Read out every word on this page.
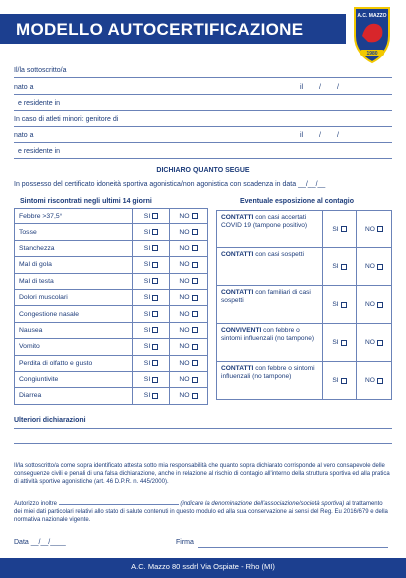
MODELLO AUTOCERTIFICAZIONE
A.C. MAZZO
1980
Il/la sottoscritto/a
nato a	il / /
e residente in
In caso di atleti minori: genitore di
nato a	il / /
e residente in
DICHIARO QUANTO SEGUE
In possesso del certificato idoneità sportiva agonistica/non agonistica con scadenza in data __/__/__
Sintomi riscontrati negli ultimi 14 giorni	Eventuale esposizione al contagio
Febbre >37,5°	SI	NO
Tosse	SI	NO
Stanchezza	SI	NO
Mal di gola	SI	NO
Mal di testa	SI	NO
Dolori muscolari	SI	NO
Congestione nasale	SI	NO
Nausea	SI	NO
Vomito	SI	NO
Perdita di olfatto e gusto	SI	NO
Congiuntivite	SI	NO
Diarrea	SI	NO
CONTATTI con casi accertati COVID 19 (tampone positivo)	SI	NO
CONTATTI con casi sospetti
SI	NO
CONTATTI con familiari di casi sospetti
SI	NO
CONVIVENTI con febbre o sintomi influenzali (no tampone)
SI	NO
CONTATTI con febbre o sintomi influenzali (no tampone)
SI	NO
Ulteriori dichiarazioni
Il/la sottoscritto/a come sopra identificato attesta sotto mia responsabilità che quanto sopra dichiarato corrisponde al vero consapevole delle conseguenze civili e penali di una falsa dichiarazione, anche in relazione al rischio di contagio all'interno della struttura sportiva ed alla pratica di attività sportive agonistiche (art. 46 D.P.R. n. 445/2000).
Autorizzo inoltre	(indicare la denominazione dell'associazione/società sportiva) al trattamento dei miei dati particolari relativi allo stato di salute contenuti in questo modulo ed alla sua conservazione ai sensi del Reg. Eu 2016/679 e della normativa nazionale vigente.
Data __/__/____	Firma
A.C. Mazzo 80 ssdrl Via Ospiate - Rho (MI)
